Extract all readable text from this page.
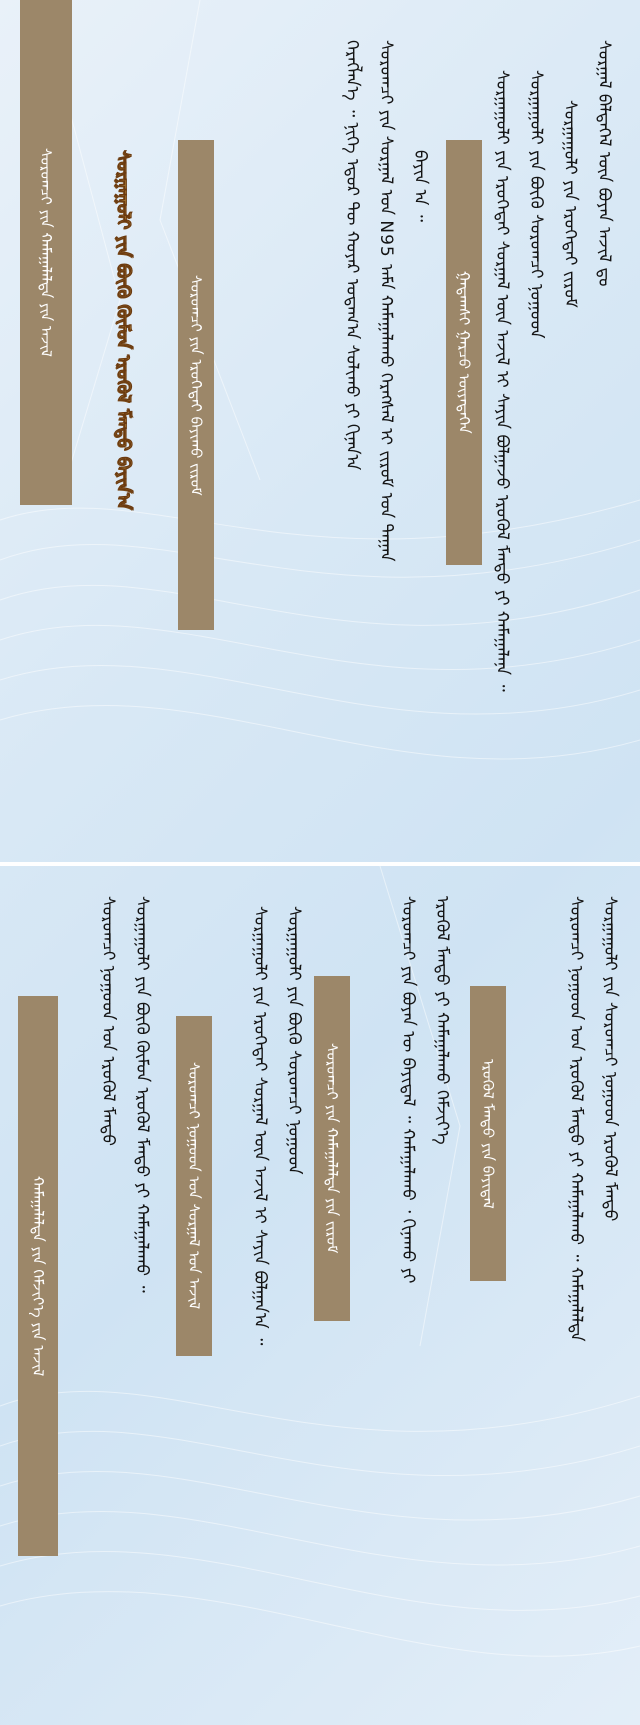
ᠰᠤᠷᠭᠠᠯ ᠪᠡᠯᠲᠡᠭᠡᠯ ᠦᠨ ᠪᠤᠶᠠᠨ ᠠᠵᠢᠯ ᠳᠤ
ᠰᠤᠷᠭᠠᠭᠤᠯᠢ ᠶᠢᠨ ᠡᠷᠦᠬᠡᠲᠡᠢ ᠵᠢᠷᠤᠮ
ᠰᠤᠷᠭᠠᠭᠤᠯᠢ ᠶᠢᠨ ᠪᠦᠬᠦ ᠰᠤᠷᠤᠭᠴᠢ ᠨᠤᠭᠤᠳ
ᠰᠤᠷᠭᠠᠭᠤᠯᠢ ᠶᠢᠨ ᠡᠷᠦᠬᠡᠲᠡᠢ ᠰᠤᠷᠭᠠᠯ ᠦᠨ ᠠᠵᠢᠯ ᠢ ᠰᠠᠶᠢᠨ ᠪᠤᠯᠭᠠᠵᠤ ᠡᠷᠦᠭᠦᠯ ᠮᠡᠨᠳᠦ ᠶᠢ ᠬᠠᠮᠠᠭᠠᠯᠠᠨᠠ ᠃
ᠭᠠᠳᠠᠭᠰᠢ ᠭᠠᠷᠴᠤ ᠦᠶᠡᠳᠡᠭᠡᠨ
ᠪᠠᠶᠢᠨ ᠠ ᠃
ᠰᠤᠷᠤᠭᠴᠢ ᠶᠢᠨ ᠰᠤᠷᠭᠠᠯ ᠤᠨ N95 ᠠᠮᠠ ᠬᠠᠮᠠᠭᠠᠯᠠᠬᠤ ᠬᠡᠷᠡᠭᠰᠡᠯ ᠢ ᠵᠢᠷᠤᠮ ᠤᠨ ᠳᠠᠭᠠᠨ
ᠬᠡᠷᠡᠭᠯᠡᠨ᠎ᠡ ᠃ ᠨᠢᠭᠡ ᠡᠳᠦᠷ ᠲᠦ ᠬᠤᠶᠠᠷ ᠤᠳᠠᠭ᠎ᠠ ᠰᠤᠯᠢᠬᠤ ᠶᠢ ᠬᠢᠨᠠᠨ᠎ᠠ
ᠰᠤᠷᠤᠭᠴᠢ ᠶᠢᠨ ᠡᠷᠦᠬᠡᠲᠡᠢ ᠪᠠᠶᠢᠬᠤ ᠵᠢᠷᠤᠮ
ᠰᠤᠷᠭᠠᠭᠤᠯᠢ ᠶᠢᠨ ᠪᠦᠬᠦ ᠬᠦᠮᠦᠨ ᠡᠷᠦᠭᠦᠯ ᠮᠡᠨᠳᠦ ᠪᠠᠶᠢᠨ᠎ᠠ
ᠰᠤᠷᠤᠭᠴᠢ ᠶᠢᠨ ᠬᠠᠮᠠᠭᠠᠯᠠᠯᠲᠠ ᠶᠢᠨ ᠠᠵᠢᠯ
ᠰᠤᠷᠭᠠᠭᠤᠯᠢ ᠶᠢᠨ ᠰᠤᠷᠤᠭᠴᠢ ᠨᠤᠭᠤᠳ ᠡᠷᠦᠭᠦᠯ ᠮᠡᠨᠳᠦ
ᠰᠤᠷᠤᠭᠴᠢ ᠨᠤᠭᠤᠳ ᠤᠨ ᠡᠷᠦᠭᠦᠯ ᠮᠡᠨᠳᠦ ᠶᠢ ᠬᠠᠮᠠᠭᠠᠯᠠᠬᠤ ᠃ ᠬᠠᠮᠠᠭᠠᠯᠠᠯᠲᠠ
ᠡᠷᠦᠭᠦᠯ ᠮᠡᠨᠳᠦ ᠶᠢᠨ ᠪᠠᠶᠢᠳᠠᠯ
ᠡᠷᠦᠭᠦᠯ ᠮᠡᠨᠳᠦ ᠶᠢ ᠬᠠᠮᠠᠭᠠᠯᠠᠬᠤ ᠬᠡᠮᠵᠢᠶ᠎ᠡ
ᠰᠤᠷᠤᠭᠴᠢ ᠶᠢᠨ ᠪᠤᠶᠠᠨ ᠦ ᠪᠠᠶᠢᠳᠠᠯ ᠃ ᠬᠠᠮᠠᠭᠠᠯᠠᠬᠤ ᠂ ᠬᠢᠨᠠᠬᠤ ᠶᠢ
ᠰᠤᠷᠤᠭᠴᠢ ᠶᠢᠨ ᠬᠠᠮᠠᠭᠠᠯᠠᠯᠲᠠ ᠶᠢᠨ ᠵᠢᠷᠤᠮ
ᠰᠤᠷᠭᠠᠭᠤᠯᠢ ᠶᠢᠨ ᠪᠦᠬᠦ ᠰᠤᠷᠤᠭᠴᠢ ᠨᠤᠭᠤᠳ
ᠰᠤᠷᠭᠠᠭᠤᠯᠢ ᠶᠢᠨ ᠡᠷᠦᠬᠡᠲᠡᠢ ᠰᠤᠷᠭᠠᠯ ᠦᠨ ᠠᠵᠢᠯ ᠢ ᠰᠠᠶᠢᠨ ᠪᠤᠯᠭᠠᠨ᠎ᠠ ᠃
ᠰᠤᠷᠤᠭᠴᠢ ᠨᠤᠭᠤᠳ ᠤᠨ ᠰᠤᠷᠭᠠᠯ ᠤᠨ ᠠᠵᠢᠯ
ᠰᠤᠷᠭᠠᠭᠤᠯᠢ ᠶᠢᠨ ᠪᠦᠬᠦ ᠬᠦᠮᠦᠨ ᠡᠷᠦᠭᠦᠯ ᠮᠡᠨᠳᠦ ᠶᠢ ᠬᠠᠮᠠᠭᠠᠯᠠᠬᠤ ᠃
ᠰᠤᠷᠤᠭᠴᠢ ᠨᠤᠭᠤᠳ ᠤᠨ ᠡᠷᠦᠭᠦᠯ ᠮᠡᠨᠳᠦ
ᠬᠠᠮᠠᠭᠠᠯᠠᠯᠲᠠ ᠶᠢᠨ ᠬᠡᠮᠵᠢᠶ᠎ᠡ ᠶᠢᠨ ᠠᠵᠢᠯ
